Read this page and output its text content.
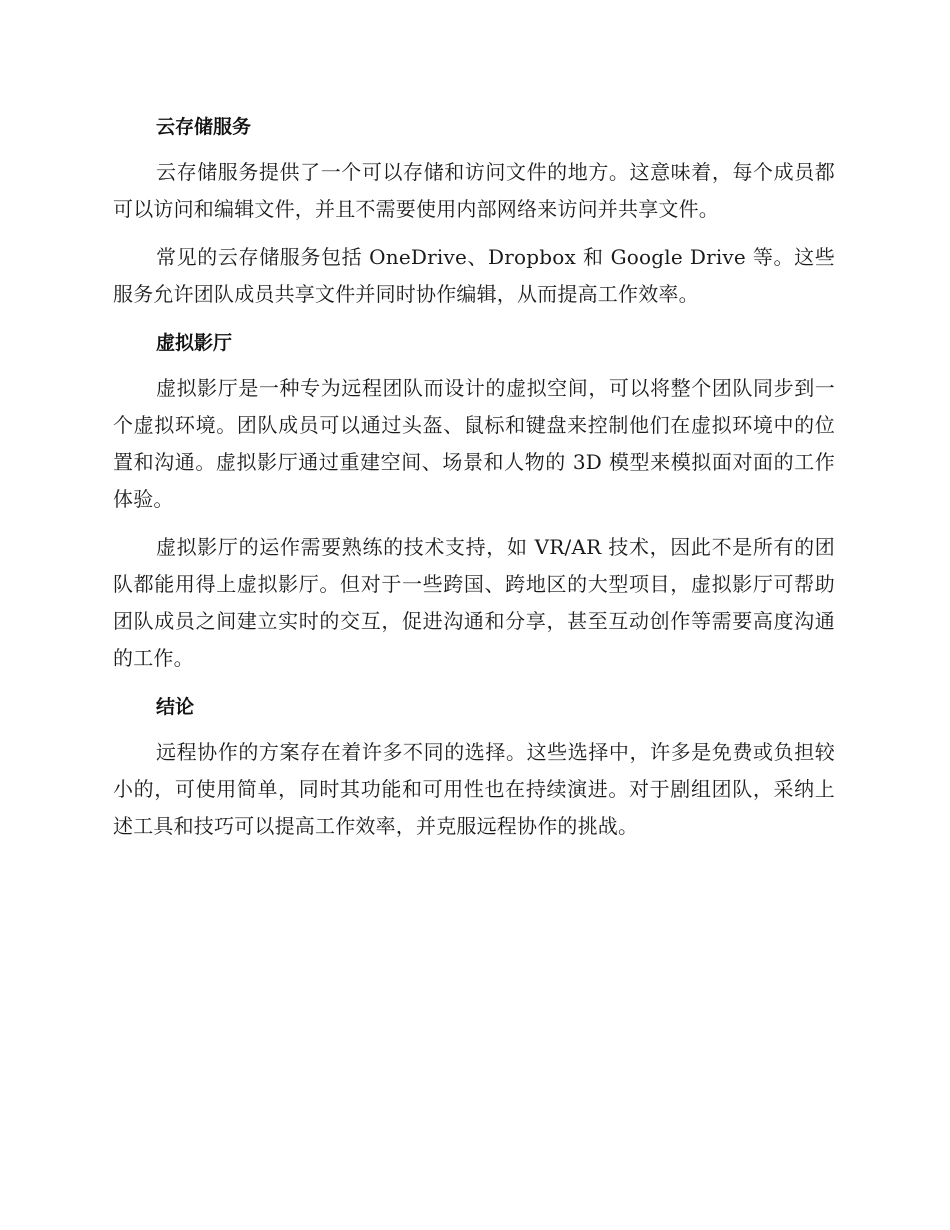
云存储服务

云存储服务提供了一个可以存储和访问文件的地方。这意味着，每个成员都可以访问和编辑文件，并且不需要使用内部网络来访问并共享文件。

常见的云存储服务包括 OneDrive、Dropbox 和 Google Drive 等。这些服务允许团队成员共享文件并同时协作编辑，从而提高工作效率。

虚拟影厅

虚拟影厅是一种专为远程团队而设计的虚拟空间，可以将整个团队同步到一个虚拟环境。团队成员可以通过头盔、鼠标和键盘来控制他们在虚拟环境中的位置和沟通。虚拟影厅通过重建空间、场景和人物的 3D 模型来模拟面对面的工作体验。

虚拟影厅的运作需要熟练的技术支持，如 VR/AR 技术，因此不是所有的团队都能用得上虚拟影厅。但对于一些跨国、跨地区的大型项目，虚拟影厅可帮助团队成员之间建立实时的交互，促进沟通和分享，甚至互动创作等需要高度沟通的工作。

结论

远程协作的方案存在着许多不同的选择。这些选择中，许多是免费或负担较小的，可使用简单，同时其功能和可用性也在持续演进。对于剧组团队，采纳上述工具和技巧可以提高工作效率，并克服远程协作的挑战。
